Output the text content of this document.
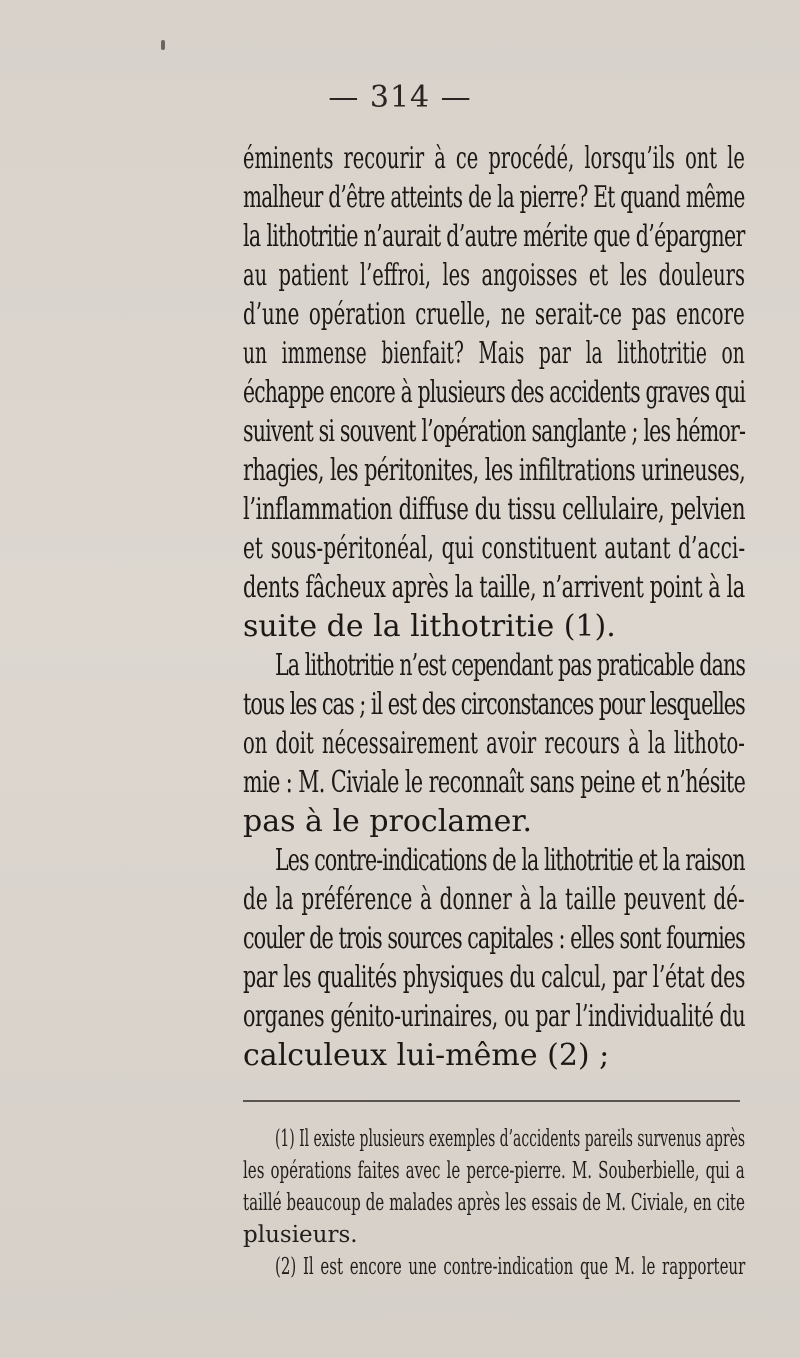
— 314 —
éminents recourir à ce procédé, lorsqu’ils ont le
malheur d’être atteints de la pierre? Et quand même
la lithotritie n’aurait d’autre mérite que d’épargner
au patient l’effroi, les angoisses et les douleurs
d’une opération cruelle, ne serait-ce pas encore
un immense bienfait? Mais par la lithotritie on
échappe encore à plusieurs des accidents graves qui
suivent si souvent l’opération sanglante ; les hémor-
rhagies, les péritonites, les infiltrations urineuses,
l’inflammation diffuse du tissu cellulaire, pelvien
et sous-péritonéal, qui constituent autant d’acci-
dents fâcheux après la taille, n’arrivent point à la
suite de la lithotritie (1).
La lithotritie n’est cependant pas praticable dans
tous les cas ; il est des circonstances pour lesquelles
on doit nécessairement avoir recours à la lithoto-
mie : M. Civiale le reconnaît sans peine et n’hésite
pas à le proclamer.
Les contre-indications de la lithotritie et la raison
de la préférence à donner à la taille peuvent dé-
couler de trois sources capitales : elles sont fournies
par les qualités physiques du calcul, par l’état des
organes génito-urinaires, ou par l’individualité du
calculeux lui-même (2) ;
(1) Il existe plusieurs exemples d’accidents pareils survenus après
les opérations faites avec le perce-pierre. M. Souberbielle, qui a
taillé beaucoup de malades après les essais de M. Civiale, en cite
plusieurs.
(2) Il est encore une contre-indication que M. le rapporteur
